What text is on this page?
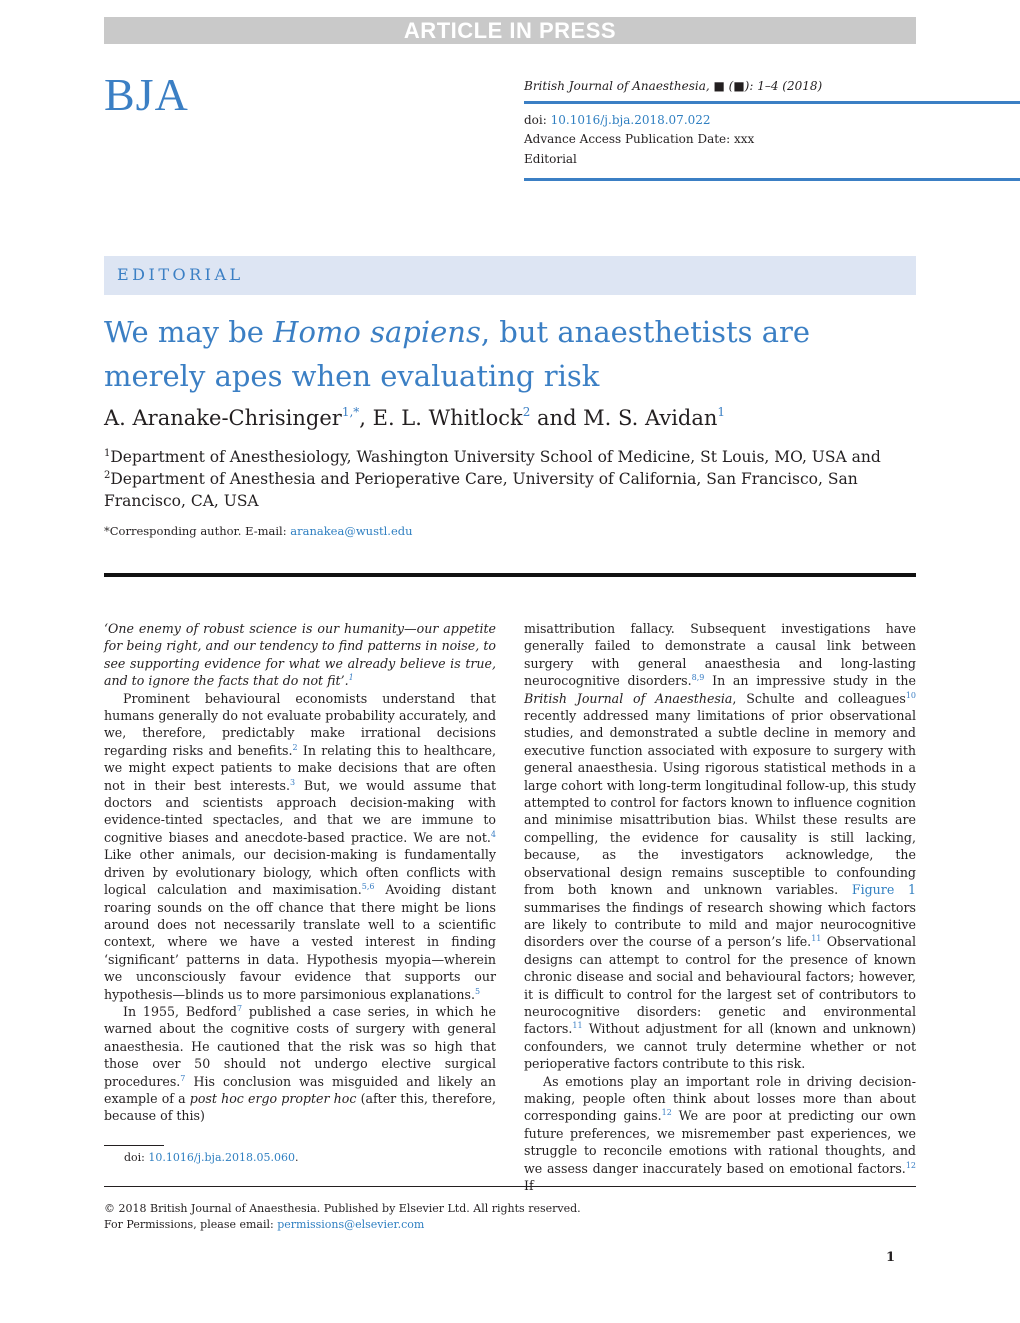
ARTICLE IN PRESS
BJA	British Journal of Anaesthesia, ■ (■): 1–4 (2018)
doi: 10.1016/j.bja.2018.07.022
Advance Access Publication Date: xxx
Editorial
EDITORIAL
We may be Homo sapiens, but anaesthetists are merely apes when evaluating risk
A. Aranake-Chrisinger$^{1,*}$, E. L. Whitlock$^2$ and M. S. Avidan$^1$
$^1$Department of Anesthesiology, Washington University School of Medicine, St Louis, MO, USA and
$^2$Department of Anesthesia and Perioperative Care, University of California, San Francisco, San Francisco, CA, USA
*Corresponding author. E-mail: aranakea@wustl.edu

‘One enemy of robust science is our humanity—our appetite for being right, and our tendency to find patterns in noise, to see supporting evidence for what we already believe is true, and to ignore the facts that do not fit’.$^1$

Prominent behavioural economists understand that humans generally do not evaluate probability accurately, and we, therefore, predictably make irrational decisions regarding risks and benefits.$^2$ In relating this to healthcare, we might expect patients to make decisions that are often not in their best interests.$^3$ But, we would assume that doctors and scientists approach decision-making with evidence-tinted spectacles, and that we are immune to cognitive biases and anecdote-based practice. We are not.$^4$ Like other animals, our decision-making is fundamentally driven by evolutionary biology, which often conflicts with logical calculation and maximisation.$^{5,6}$ Avoiding distant roaring sounds on the off chance that there might be lions around does not necessarily translate well to a scientific context, where we have a vested interest in finding ‘significant’ patterns in data. Hypothesis myopia—wherein we unconsciously favour evidence that supports our hypothesis—blinds us to more parsimonious explanations.$^5$

In 1955, Bedford$^7$ published a case series, in which he warned about the cognitive costs of surgery with general anaesthesia. He cautioned that the risk was so high that those over 50 should not undergo elective surgical procedures.$^7$ His conclusion was misguided and likely an example of a post hoc ergo propter hoc (after this, therefore, because of this)

misattribution fallacy. Subsequent investigations have generally failed to demonstrate a causal link between surgery with general anaesthesia and long-lasting neurocognitive disorders.$^{8,9}$ In an impressive study in the British Journal of Anaesthesia, Schulte and colleagues$^{10}$ recently addressed many limitations of prior observational studies, and demonstrated a subtle decline in memory and executive function associated with exposure to surgery with general anaesthesia. Using rigorous statistical methods in a large cohort with long-term longitudinal follow-up, this study attempted to control for factors known to influence cognition and minimise misattribution bias. Whilst these results are compelling, the evidence for causality is still lacking, because, as the investigators acknowledge, the observational design remains susceptible to confounding from both known and unknown variables. Figure 1 summarises the findings of research showing which factors are likely to contribute to mild and major neurocognitive disorders over the course of a person’s life.$^{11}$ Observational designs can attempt to control for the presence of known chronic disease and social and behavioural factors; however, it is difficult to control for the largest set of contributors to neurocognitive disorders: genetic and environmental factors.$^{11}$ Without adjustment for all (known and unknown) confounders, we cannot truly determine whether or not perioperative factors contribute to this risk.

As emotions play an important role in driving decision-making, people often think about losses more than about corresponding gains.$^{12}$ We are poor at predicting our own future preferences, we misremember past experiences, we struggle to reconcile emotions with rational thoughts, and we assess danger inaccurately based on emotional factors.$^{12}$

doi: 10.1016/j.bja.2018.05.060.
© 2018 British Journal of Anaesthesia. Published by Elsevier Ltd. All rights reserved.
For Permissions, please email: permissions@elsevier.com
1
